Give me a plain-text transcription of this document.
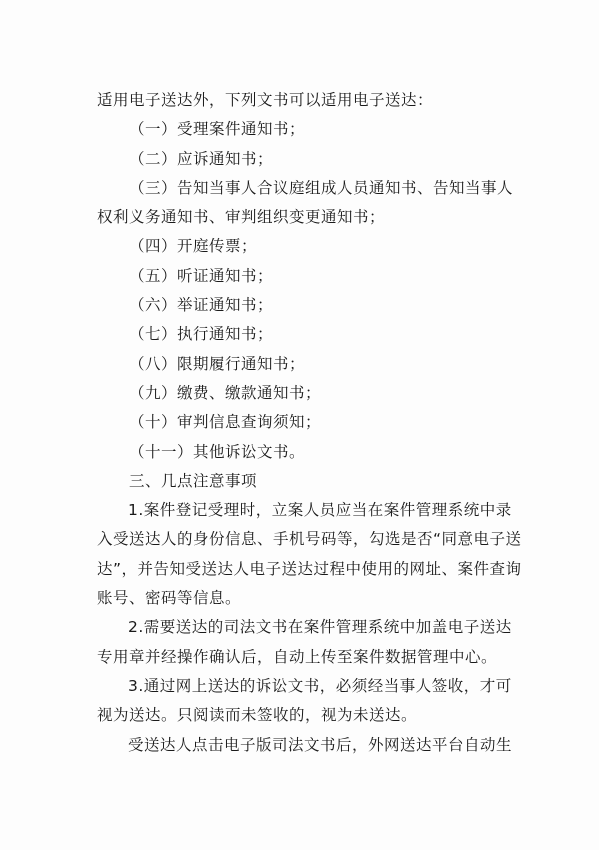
适用电子送达外，下列文书可以适用电子送达：
（一）受理案件通知书；
（二）应诉通知书；
（三）告知当事人合议庭组成人员通知书、告知当事人
权利义务通知书、审判组织变更通知书；
（四）开庭传票；
（五）听证通知书；
（六）举证通知书；
（七）执行通知书；
（八）限期履行通知书；
（九）缴费、缴款通知书；
（十）审判信息查询须知；
（十一）其他诉讼文书。
三、几点注意事项
1.案件登记受理时，立案人员应当在案件管理系统中录
入受送达人的身份信息、手机号码等，勾选是否“同意电子送
达”，并告知受送达人电子送达过程中使用的网址、案件查询
账号、密码等信息。
2.需要送达的司法文书在案件管理系统中加盖电子送达
专用章并经操作确认后，自动上传至案件数据管理中心。
3.通过网上送达的诉讼文书，必须经当事人签收，才可
视为送达。只阅读而未签收的，视为未送达。
受送达人点击电子版司法文书后，外网送达平台自动生
